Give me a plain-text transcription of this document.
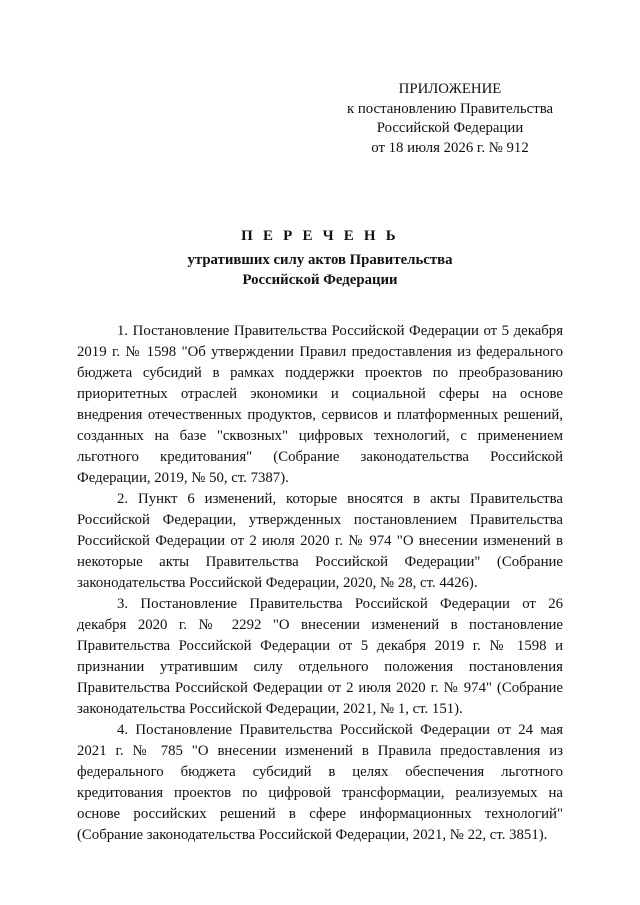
ПРИЛОЖЕНИЕ
к постановлению Правительства
Российской Федерации
от 18 июля 2026 г. № 912
П Е Р Е Ч Е Н Ь
утративших силу актов Правительства
Российской Федерации

1. Постановление Правительства Российской Федерации от 5 декабря 2019 г. № 1598 "Об утверждении Правил предоставления из федерального бюджета субсидий в рамках поддержки проектов по преобразованию приоритетных отраслей экономики и социальной сферы на основе внедрения отечественных продуктов, сервисов и платформенных решений, созданных на базе "сквозных" цифровых технологий, с применением льготного кредитования" (Собрание законодательства Российской Федерации, 2019, № 50, ст. 7387).

2. Пункт 6 изменений, которые вносятся в акты Правительства Российской Федерации, утвержденных постановлением Правительства Российской Федерации от 2 июля 2020 г. № 974 "О внесении изменений в некоторые акты Правительства Российской Федерации" (Собрание законодательства Российской Федерации, 2020, № 28, ст. 4426).

3. Постановление Правительства Российской Федерации от 26 декабря 2020 г. № 2292 "О внесении изменений в постановление Правительства Российской Федерации от 5 декабря 2019 г. № 1598 и признании утратившим силу отдельного положения постановления Правительства Российской Федерации от 2 июля 2020 г. № 974" (Собрание законодательства Российской Федерации, 2021, № 1, ст. 151).

4. Постановление Правительства Российской Федерации от 24 мая 2021 г. № 785 "О внесении изменений в Правила предоставления из федерального бюджета субсидий в целях обеспечения льготного кредитования проектов по цифровой трансформации, реализуемых на основе российских решений в сфере информационных технологий" (Собрание законодательства Российской Федерации, 2021, № 22, ст. 3851).
